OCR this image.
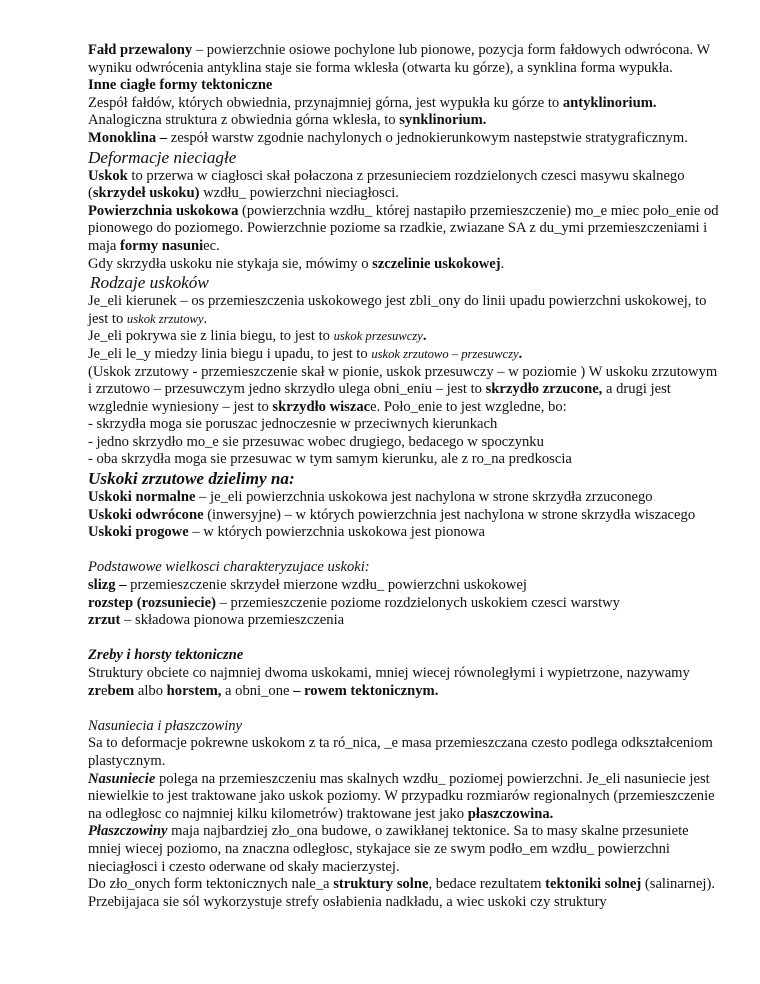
Fałd przewalony – powierzchnie osiowe pochylone lub pionowe, pozycja form fałdowych odwrócona. W wyniku odwrócenia antyklina staje sie forma wklesła (otwarta ku górze), a synklina forma wypukła.

Inne ciagłe formy tektoniczne

Zespół fałdów, których obwiednia, przynajmniej górna, jest wypukła ku górze to antyklinorium. Analogiczna struktura z obwiednia górna wklesła, to synklinorium.

Monoklina – zespół warstw zgodnie nachylonych o jednokierunkowym nastepstwie stratygraficznym.

Deformacje nieciagłe

Uskok to przerwa w ciagłosci skał połaczona z przesunieciem rozdzielonych czesci masywu skalnego (skrzydeł uskoku) wzdłu_ powierzchni nieciagłosci.

Powierzchnia uskokowa (powierzchnia wzdłu_ której nastapiło przemieszczenie) mo_e miec poło_enie od pionowego do poziomego. Powierzchnie poziome sa rzadkie, zwiazane SA z du_ymi przemieszczeniami i maja formy nasuniec.

Gdy skrzydła uskoku nie stykaja sie, mówimy o szczelinie uskokowej.

Rodzaje uskoków

Je_eli kierunek – os przemieszczenia uskokowego jest zbli_ony do linii upadu powierzchni uskokowej, to jest to uskok zrzutowy.

Je_eli pokrywa sie z linia biegu, to jest to uskok przesuwczy.

Je_eli le_y miedzy linia biegu i upadu, to jest to uskok zrzutowo – przesuwczy.

(Uskok zrzutowy - przemieszczenie skał w pionie, uskok przesuwczy – w poziomie ) W uskoku zrzutowym i zrzutowo – przesuwczym jedno skrzydło ulega obni_eniu – jest to skrzydło zrzucone, a drugi jest wzglednie wyniesiony – jest to skrzydło wiszace. Poło_enie to jest wzgledne, bo:

- skrzydła moga sie poruszac jednoczesnie w przeciwnych kierunkach

- jedno skrzydło mo_e sie przesuwac wobec drugiego, bedacego w spoczynku

- oba skrzydła moga sie przesuwac w tym samym kierunku, ale z ro_na predkoscia

Uskoki zrzutowe dzielimy na:

Uskoki normalne – je_eli powierzchnia uskokowa jest nachylona w strone skrzydła zrzuconego

Uskoki odwrócone (inwersyjne) – w których powierzchnia jest nachylona w strone skrzydła wiszacego

Uskoki progowe – w których powierzchnia uskokowa jest pionowa

Podstawowe wielkosci charakteryzujace uskoki:

slizg – przemieszczenie skrzydeł mierzone wzdłu_ powierzchni uskokowej

rozstep (rozsuniecie) – przemieszczenie poziome rozdzielonych uskokiem czesci warstwy

zrzut – składowa pionowa przemieszczenia

Zreby i horsty tektoniczne

Struktury obciete co najmniej dwoma uskokami, mniej wiecej równoległymi i wypietrzone, nazywamy zrebem albo horstem, a obni_one – rowem tektonicznym.

Nasuniecia i płaszczowiny

Sa to deformacje pokrewne uskokom z ta ró_nica, _e masa przemieszczana czesto podlega odkształceniom plastycznym.

Nasuniecie polega na przemieszczeniu mas skalnych wzdłu_ poziomej powierzchni. Je_eli nasuniecie jest niewielkie to jest traktowane jako uskok poziomy. W przypadku rozmiarów regionalnych (przemieszczenie na odległosc co najmniej kilku kilometrów) traktowane jest jako płaszczowina.

Płaszczowiny maja najbardziej zło_ona budowe, o zawikłanej tektonice. Sa to masy skalne przesuniete mniej wiecej poziomo, na znaczna odległosc, stykajace sie ze swym podło_em wzdłu_ powierzchni nieciagłosci i czesto oderwane od skały macierzystej.

Do zło_onych form tektonicznych nale_a struktury solne, bedace rezultatem tektoniki solnej (salinarnej). Przebijajaca sie sól wykorzystuje strefy osłabienia nadkładu, a wiec uskoki czy struktury
